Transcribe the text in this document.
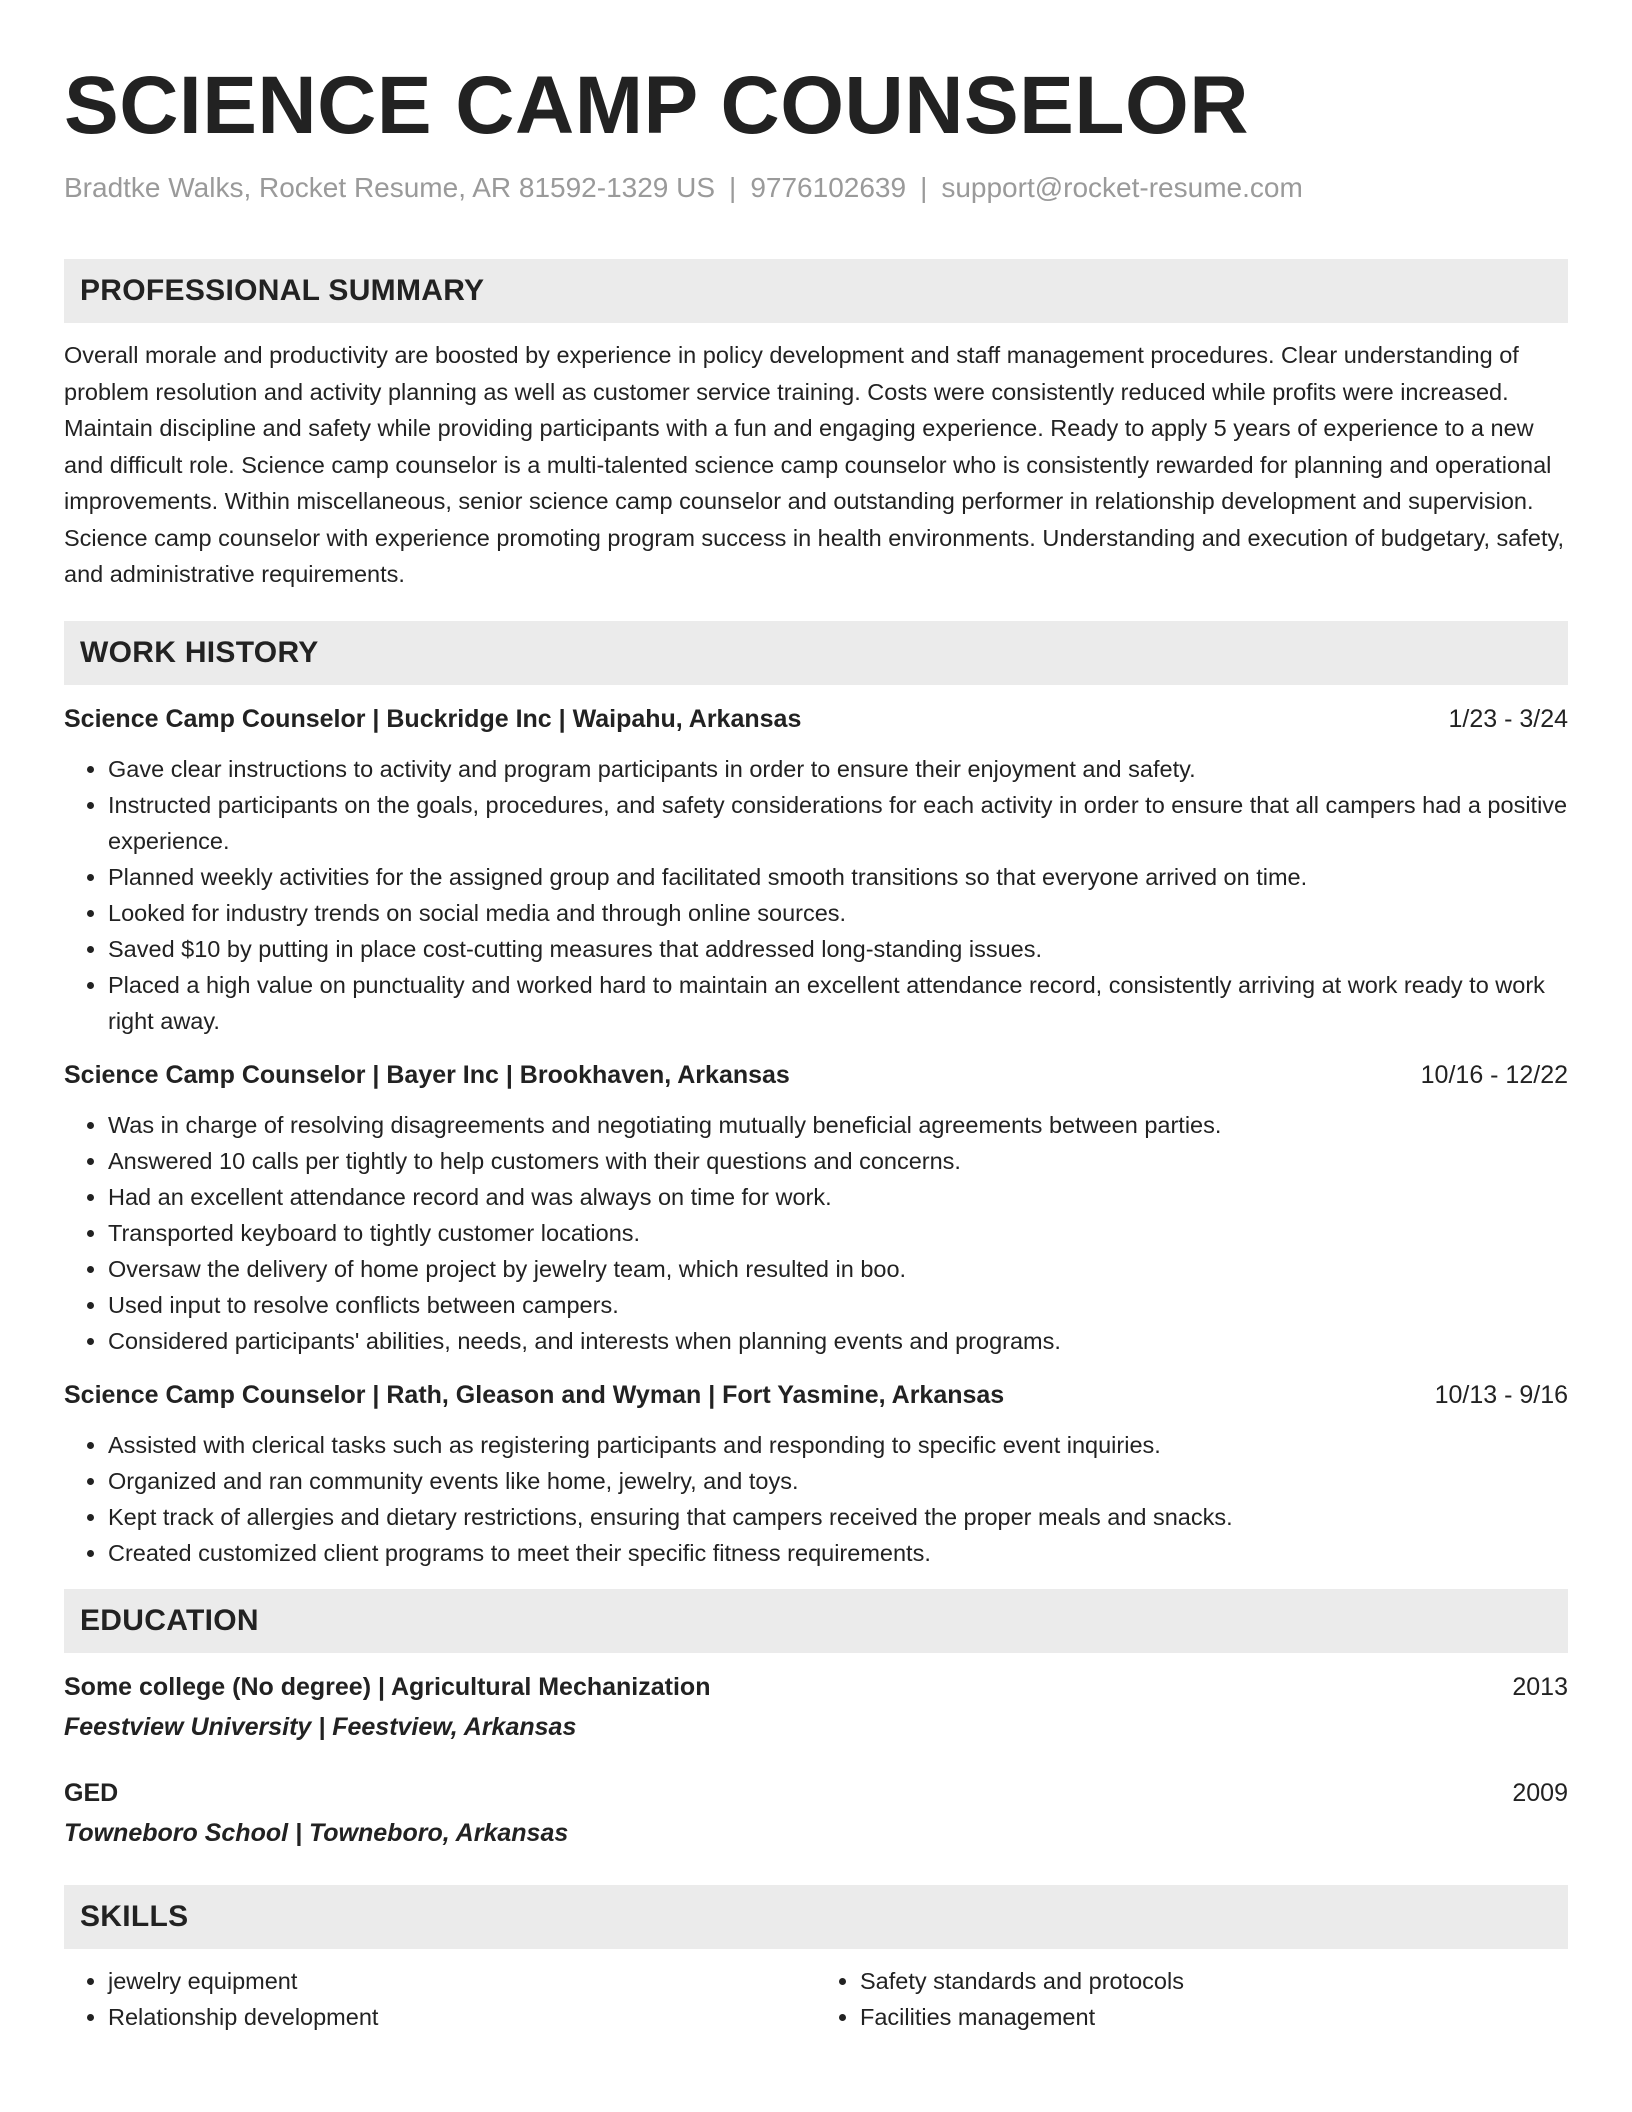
SCIENCE CAMP COUNSELOR
Bradtke Walks, Rocket Resume, AR 81592-1329 US | 9776102639 | support@rocket-resume.com
PROFESSIONAL SUMMARY

Overall morale and productivity are boosted by experience in policy development and staff management procedures. Clear understanding of problem resolution and activity planning as well as customer service training. Costs were consistently reduced while profits were increased. Maintain discipline and safety while providing participants with a fun and engaging experience. Ready to apply 5 years of experience to a new and difficult role. Science camp counselor is a multi-talented science camp counselor who is consistently rewarded for planning and operational improvements. Within miscellaneous, senior science camp counselor and outstanding performer in relationship development and supervision. Science camp counselor with experience promoting program success in health environments. Understanding and execution of budgetary, safety, and administrative requirements.

WORK HISTORY
Science Camp Counselor | Buckridge Inc | Waipahu, Arkansas	1/23 - 3/24
• Gave clear instructions to activity and program participants in order to ensure their enjoyment and safety.
• Instructed participants on the goals, procedures, and safety considerations for each activity in order to ensure that all campers had a positive experience.
• Planned weekly activities for the assigned group and facilitated smooth transitions so that everyone arrived on time.
• Looked for industry trends on social media and through online sources.
• Saved $10 by putting in place cost-cutting measures that addressed long-standing issues.
• Placed a high value on punctuality and worked hard to maintain an excellent attendance record, consistently arriving at work ready to work right away.
Science Camp Counselor | Bayer Inc | Brookhaven, Arkansas	10/16 - 12/22
• Was in charge of resolving disagreements and negotiating mutually beneficial agreements between parties.
• Answered 10 calls per tightly to help customers with their questions and concerns.
• Had an excellent attendance record and was always on time for work.
• Transported keyboard to tightly customer locations.
• Oversaw the delivery of home project by jewelry team, which resulted in boo.
• Used input to resolve conflicts between campers.
• Considered participants' abilities, needs, and interests when planning events and programs.
Science Camp Counselor | Rath, Gleason and Wyman | Fort Yasmine, Arkansas	10/13 - 9/16
• Assisted with clerical tasks such as registering participants and responding to specific event inquiries.
• Organized and ran community events like home, jewelry, and toys.
• Kept track of allergies and dietary restrictions, ensuring that campers received the proper meals and snacks.
• Created customized client programs to meet their specific fitness requirements.
EDUCATION
Some college (No degree) | Agricultural Mechanization	2013
Feestview University | Feestview, Arkansas
GED	2009
Towneboro School | Towneboro, Arkansas
SKILLS
• jewelry equipment
• Relationship development
• Safety standards and protocols
• Facilities management
